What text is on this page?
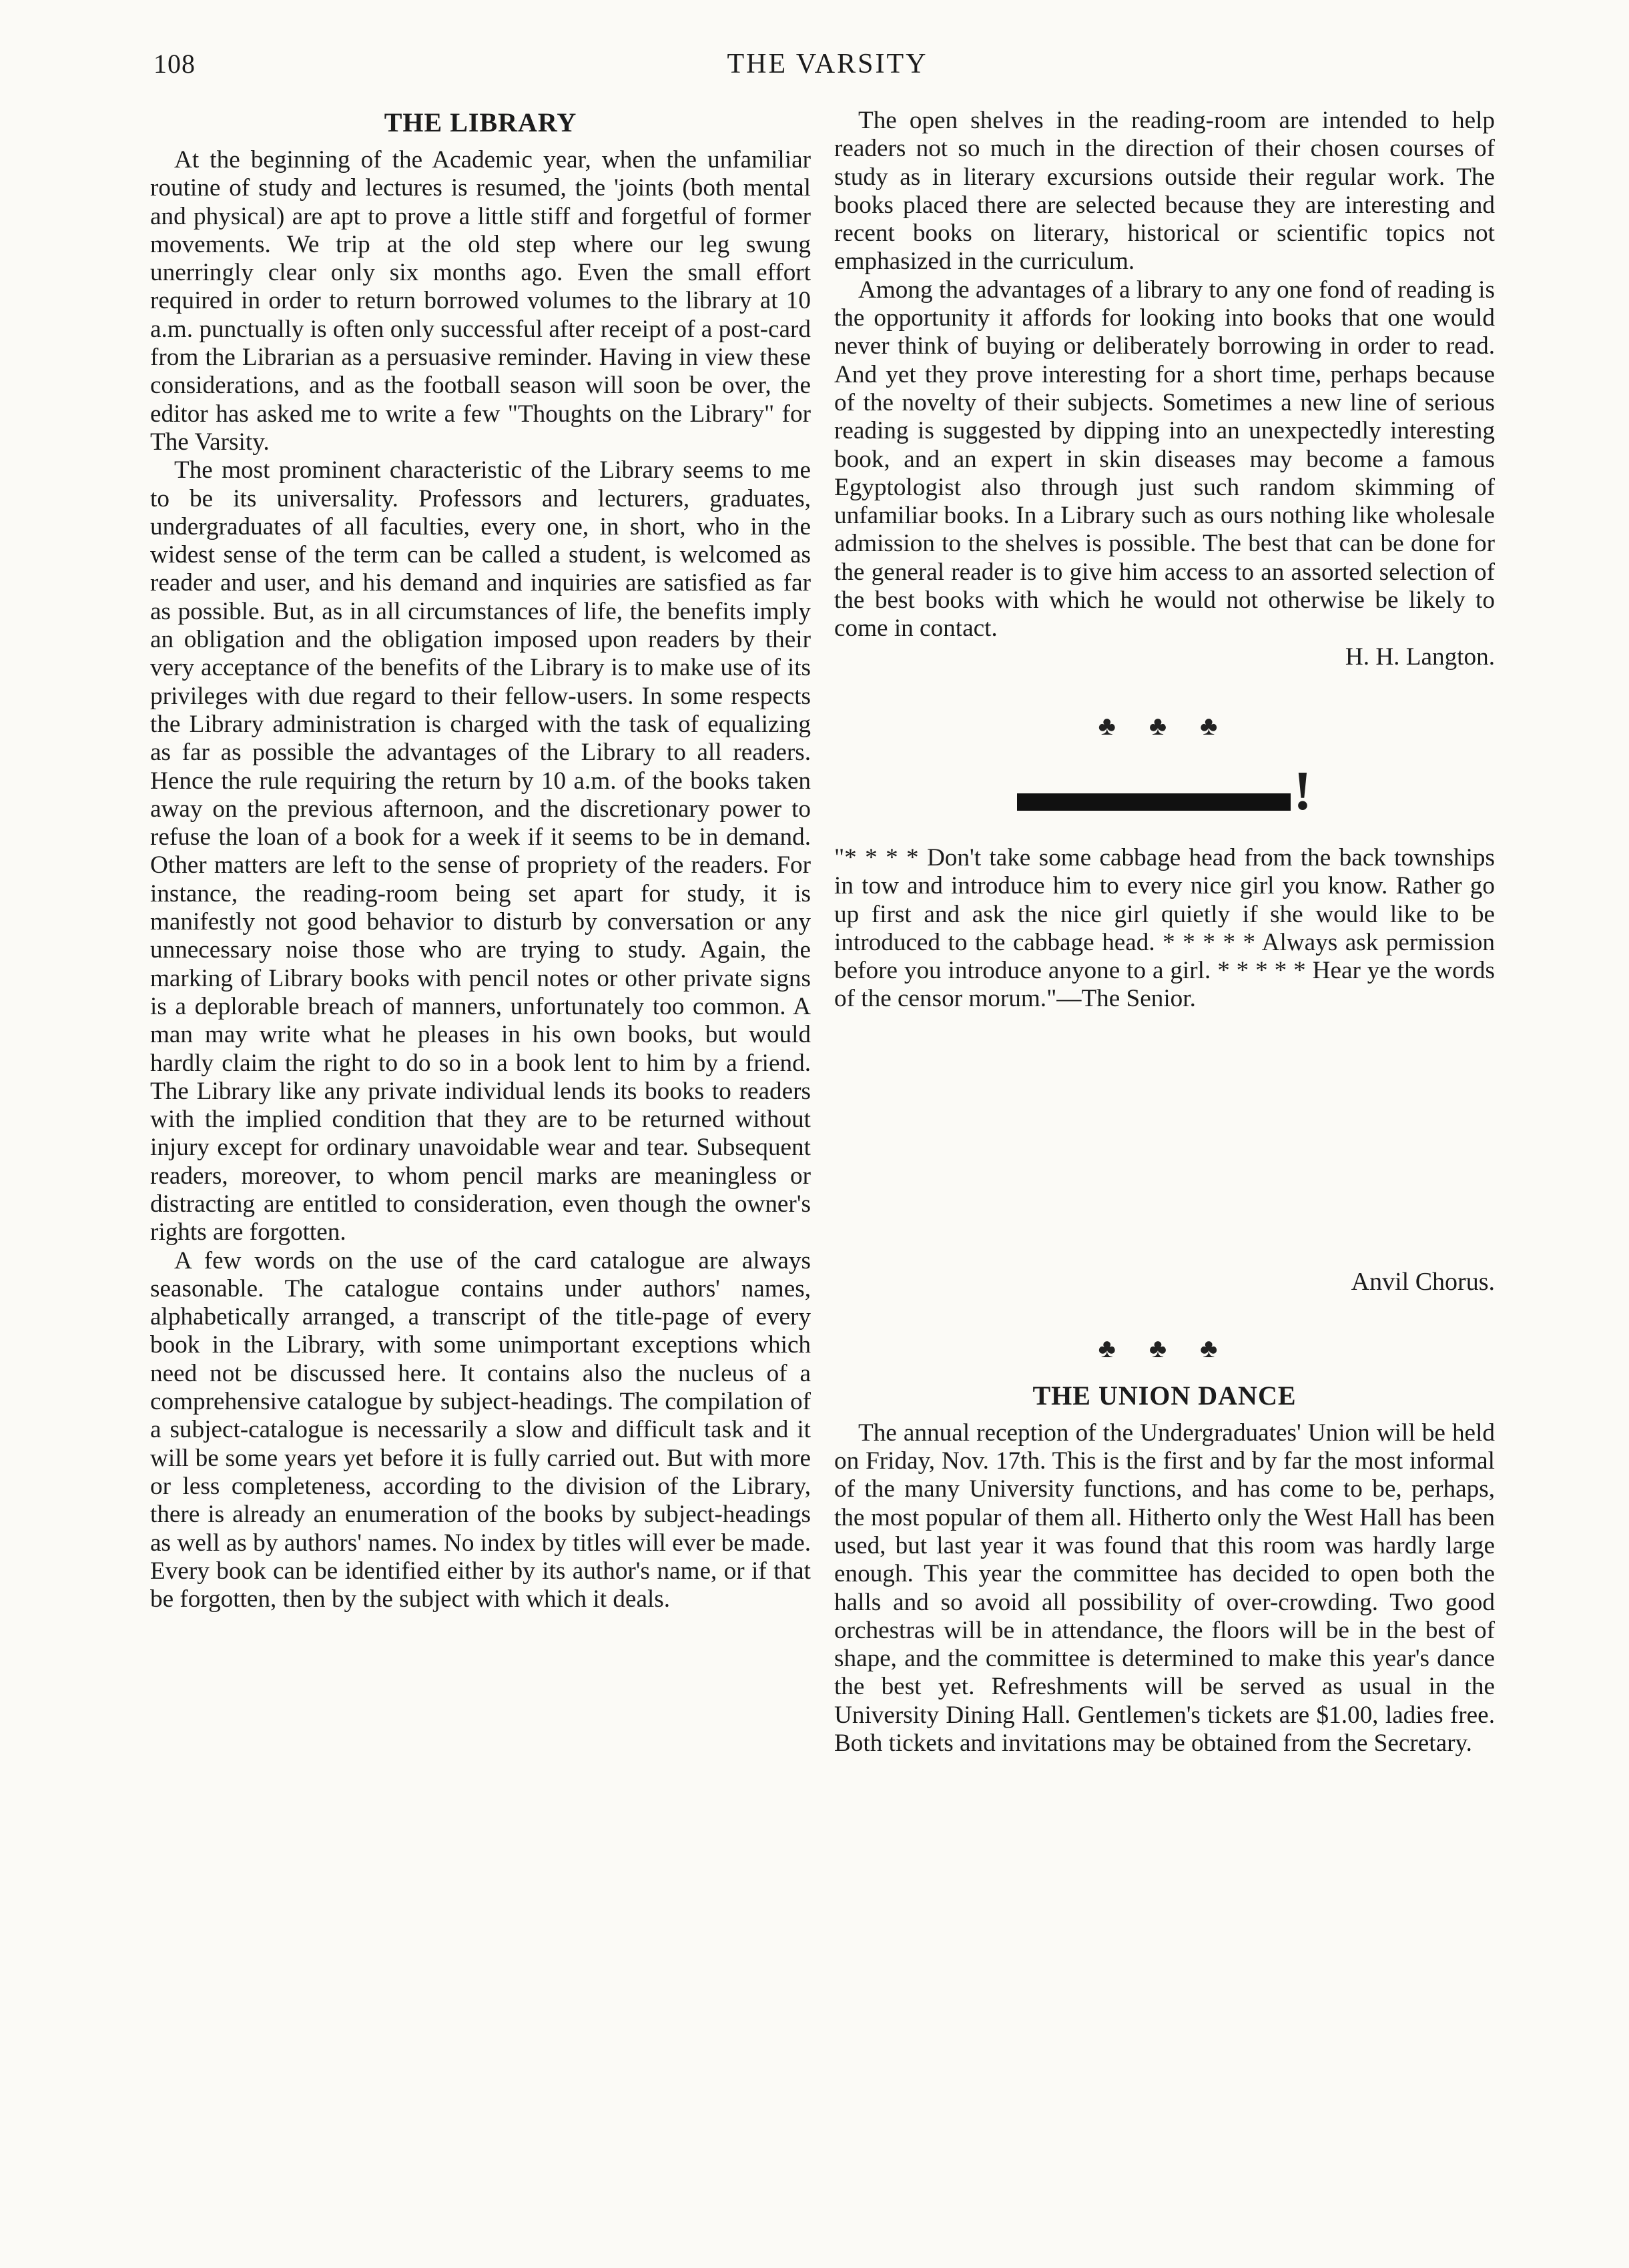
108	THE VARSITY
THE LIBRARY

At the beginning of the Academic year, when the unfamiliar routine of study and lectures is resumed, the 'joints (both mental and physical) are apt to prove a little stiff and forgetful of former movements. We trip at the old step where our leg swung unerringly clear only six months ago. Even the small effort required in order to return borrowed volumes to the library at 10 a.m. punctually is often only successful after receipt of a post-card from the Librarian as a persuasive reminder. Having in view these considerations, and as the football season will soon be over, the editor has asked me to write a few "Thoughts on the Library" for The Varsity.

The most prominent characteristic of the Library seems to me to be its universality. Professors and lecturers, graduates, undergraduates of all faculties, every one, in short, who in the widest sense of the term can be called a student, is welcomed as reader and user, and his demand and inquiries are satisfied as far as possible. But, as in all circumstances of life, the benefits imply an obligation and the obligation imposed upon readers by their very acceptance of the benefits of the Library is to make use of its privileges with due regard to their fellow-users. In some respects the Library administration is charged with the task of equalizing as far as possible the advantages of the Library to all readers. Hence the rule requiring the return by 10 a.m. of the books taken away on the previous afternoon, and the discretionary power to refuse the loan of a book for a week if it seems to be in demand. Other matters are left to the sense of propriety of the readers. For instance, the reading-room being set apart for study, it is manifestly not good behavior to disturb by conversation or any unnecessary noise those who are trying to study. Again, the marking of Library books with pencil notes or other private signs is a deplorable breach of manners, unfortunately too common. A man may write what he pleases in his own books, but would hardly claim the right to do so in a book lent to him by a friend. The Library like any private individual lends its books to readers with the implied condition that they are to be returned without injury except for ordinary unavoidable wear and tear. Subsequent readers, moreover, to whom pencil marks are meaningless or distracting are entitled to consideration, even though the owner's rights are forgotten.

A few words on the use of the card catalogue are always seasonable. The catalogue contains under authors' names, alphabetically arranged, a transcript of the title-page of every book in the Library, with some unimportant exceptions which need not be discussed here. It contains also the nucleus of a comprehensive catalogue by subject-headings. The compilation of a subject-catalogue is necessarily a slow and difficult task and it will be some years yet before it is fully carried out. But with more or less completeness, according to the division of the Library, there is already an enumeration of the books by subject-headings as well as by authors' names. No index by titles will ever be made. Every book can be identified either by its author's name, or if that be forgotten, then by the subject with which it deals.

The open shelves in the reading-room are intended to help readers not so much in the direction of their chosen courses of study as in literary excursions outside their regular work. The books placed there are selected because they are interesting and recent books on literary, historical or scientific topics not emphasized in the curriculum.

Among the advantages of a library to any one fond of reading is the opportunity it affords for looking into books that one would never think of buying or deliberately borrowing in order to read. And yet they prove interesting for a short time, perhaps because of the novelty of their subjects. Sometimes a new line of serious reading is suggested by dipping into an unexpectedly interesting book, and an expert in skin diseases may become a famous Egyptologist also through just such random skimming of unfamiliar books. In a Library such as ours nothing like wholesale admission to the shelves is possible. The best that can be done for the general reader is to give him access to an assorted selection of the best books with which he would not otherwise be likely to come in contact.

H. H. Langton.

♣ ♣ ♣
!

"* * * * Don't take some cabbage head from the back townships in tow and introduce him to every nice girl you know. Rather go up first and ask the nice girl quietly if she would like to be introduced to the cabbage head. * * * * * Always ask permission before you introduce anyone to a girl. * * * * * Hear ye the words of the censor morum."—The Senior.

Anvil Chorus.
♣ ♣ ♣
THE UNION DANCE

The annual reception of the Undergraduates' Union will be held on Friday, Nov. 17th. This is the first and by far the most informal of the many University functions, and has come to be, perhaps, the most popular of them all. Hitherto only the West Hall has been used, but last year it was found that this room was hardly large enough. This year the committee has decided to open both the halls and so avoid all possibility of over-crowding. Two good orchestras will be in attendance, the floors will be in the best of shape, and the committee is determined to make this year's dance the best yet. Refreshments will be served as usual in the University Dining Hall. Gentlemen's tickets are $1.00, ladies free. Both tickets and invitations may be obtained from the Secretary.
